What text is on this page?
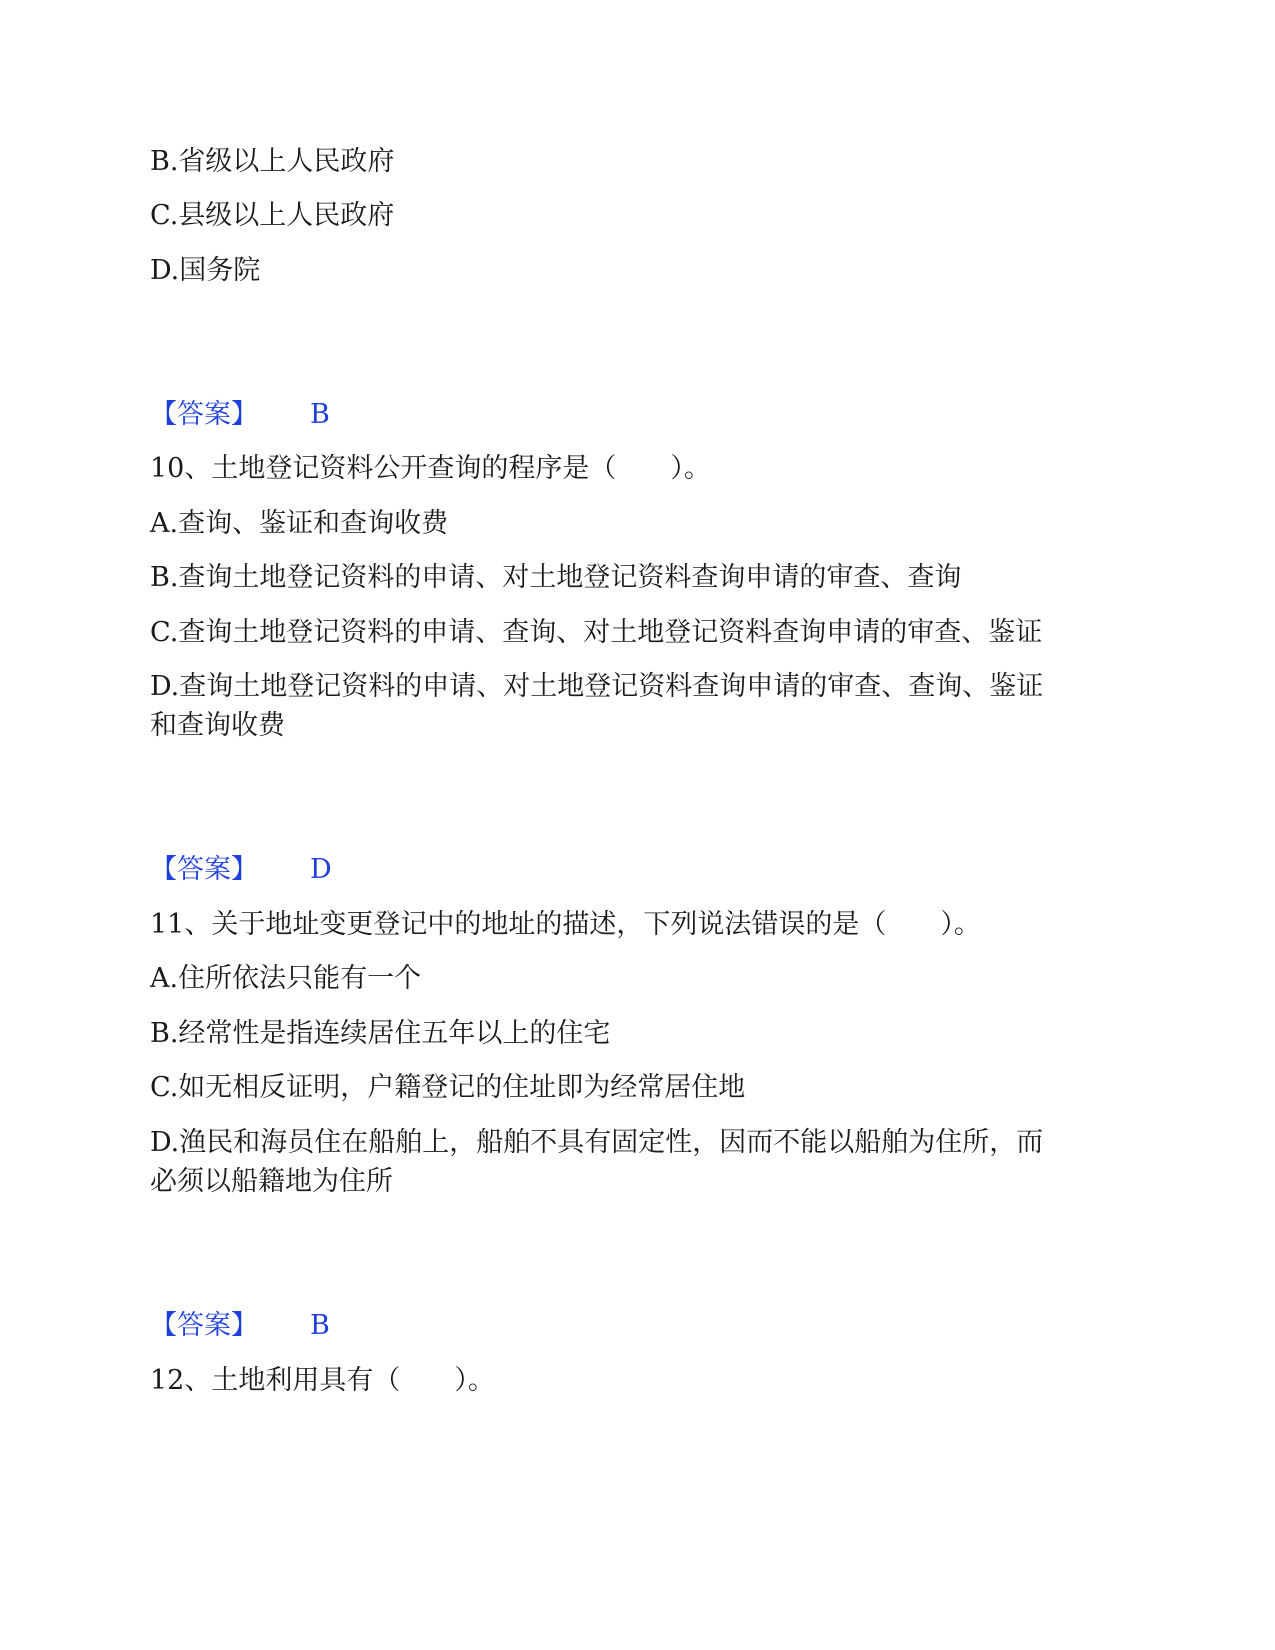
B.省级以上人民政府
C.县级以上人民政府
D.国务院
【答案】 B
10、土地登记资料公开查询的程序是（　　）。
A.查询、鉴证和查询收费
B.查询土地登记资料的申请、对土地登记资料查询申请的审查、查询
C.查询土地登记资料的申请、查询、对土地登记资料查询申请的审查、鉴证
D.查询土地登记资料的申请、对土地登记资料查询申请的审查、查询、鉴证
和查询收费
【答案】 D
11、关于地址变更登记中的地址的描述，下列说法错误的是（　　）。
A.住所依法只能有一个
B.经常性是指连续居住五年以上的住宅
C.如无相反证明，户籍登记的住址即为经常居住地
D.渔民和海员住在船舶上，船舶不具有固定性，因而不能以船舶为住所，而
必须以船籍地为住所
【答案】 B
12、土地利用具有（　　）。
